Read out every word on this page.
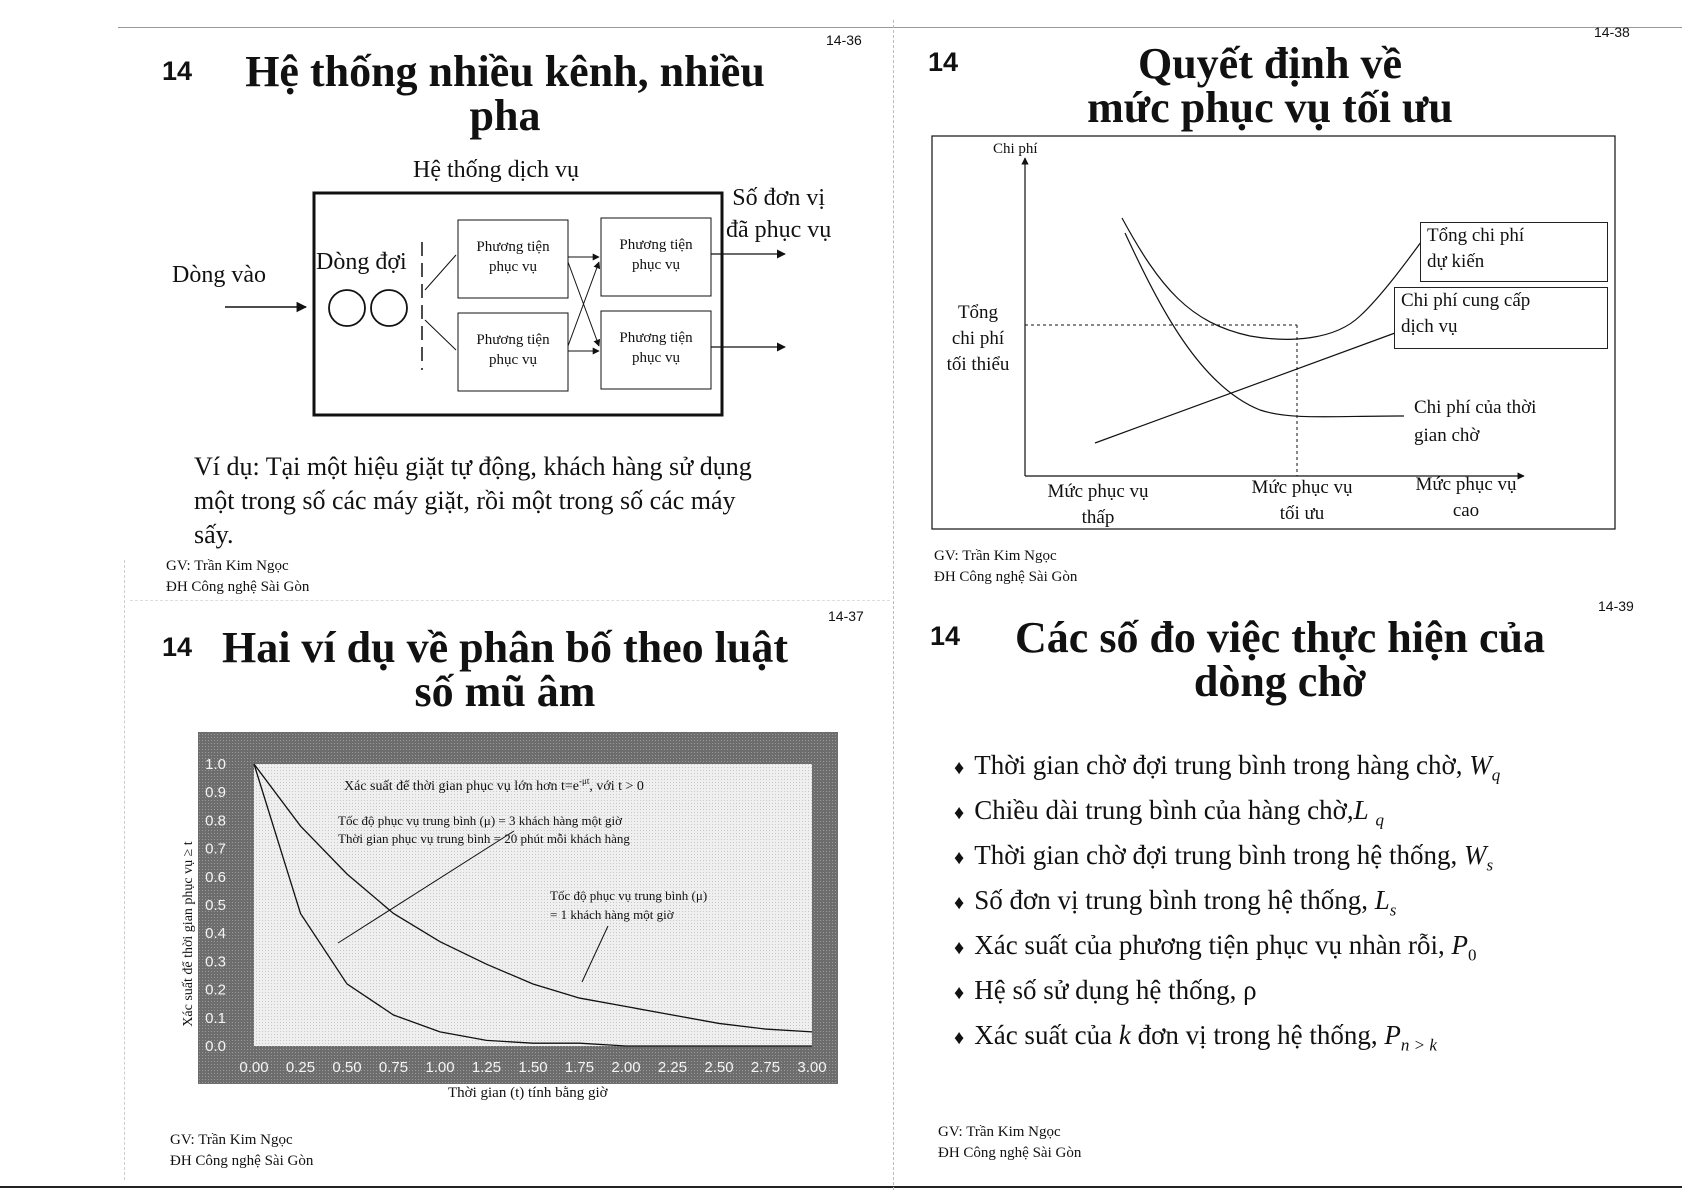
14-36
14	Hệ thống nhiều kênh, nhiều
pha
Hệ thống dịch vụ
Dòng vào Dòng đợi
Số đơn vị
đã phục vụ
Phương tiện
phục vụ
Phương tiện
phục vụ
Phương tiện
phục vụ
Phương tiện
phục vụ
Ví dụ: Tại một hiệu giặt tự động, khách hàng sử dụng
một trong số các máy giặt, rồi một trong số các máy
sấy.
GV: Trần Kim Ngọc
ĐH Công nghệ Sài Gòn
14-37
14 Hai ví dụ về phân bố theo luật
số mũ âm
0.00 0.25 0.50 0.75 1.00 1.25 1.50 1.75 2.00 2.25 2.50 2.75 3.00
0.0
0.1
0.2
0.3
0.4
0.5
0.6
0.7
0.8
0.9
1.0
Xác suất để thời gian phục vụ ≥ t
Xác suất để thời gian phục vụ lớn hơn $t=e^{-\mu t}$, với t > 0
Tốc độ phục vụ trung bình (μ) = 3 khách hàng một giờ
Thời gian phục vụ trung bình = 20 phút mỗi khách hàng
Tốc độ phục vụ trung bình (μ)
= 1 khách hàng một giờ
Thời gian (t) tính bằng giờ
GV: Trần Kim Ngọc
ĐH Công nghệ Sài Gòn
14-38
14	Quyết định về
mức phục vụ tối ưu
Chi phí
Tổng
chi phí
tối thiểu
Tổng chi phí
dự kiến
Chi phí cung cấp
dịch vụ
Chi phí của thời
gian chờ
Mức phục vụ
thấp
Mức phục vụ
tối ưu
Mức phục vụ
cao
GV: Trần Kim Ngọc
ĐH Công nghệ Sài Gòn
14-39
14	Các số đo việc thực hiện của
dòng chờ
♦ Thời gian chờ đợi trung bình trong hàng chờ, $W_q$
♦ Chiều dài trung bình của hàng chờ,L $_q$
♦ Thời gian chờ đợi trung bình trong hệ thống, $W_s$
♦ Số đơn vị trung bình trong hệ thống, $L_s$
♦ Xác suất của phương tiện phục vụ nhàn rỗi, $P_0$
♦ Hệ số sử dụng hệ thống, ρ
♦ Xác suất của k đơn vị trong hệ thống, $P_{n > k}$
GV: Trần Kim Ngọc
ĐH Công nghệ Sài Gòn
